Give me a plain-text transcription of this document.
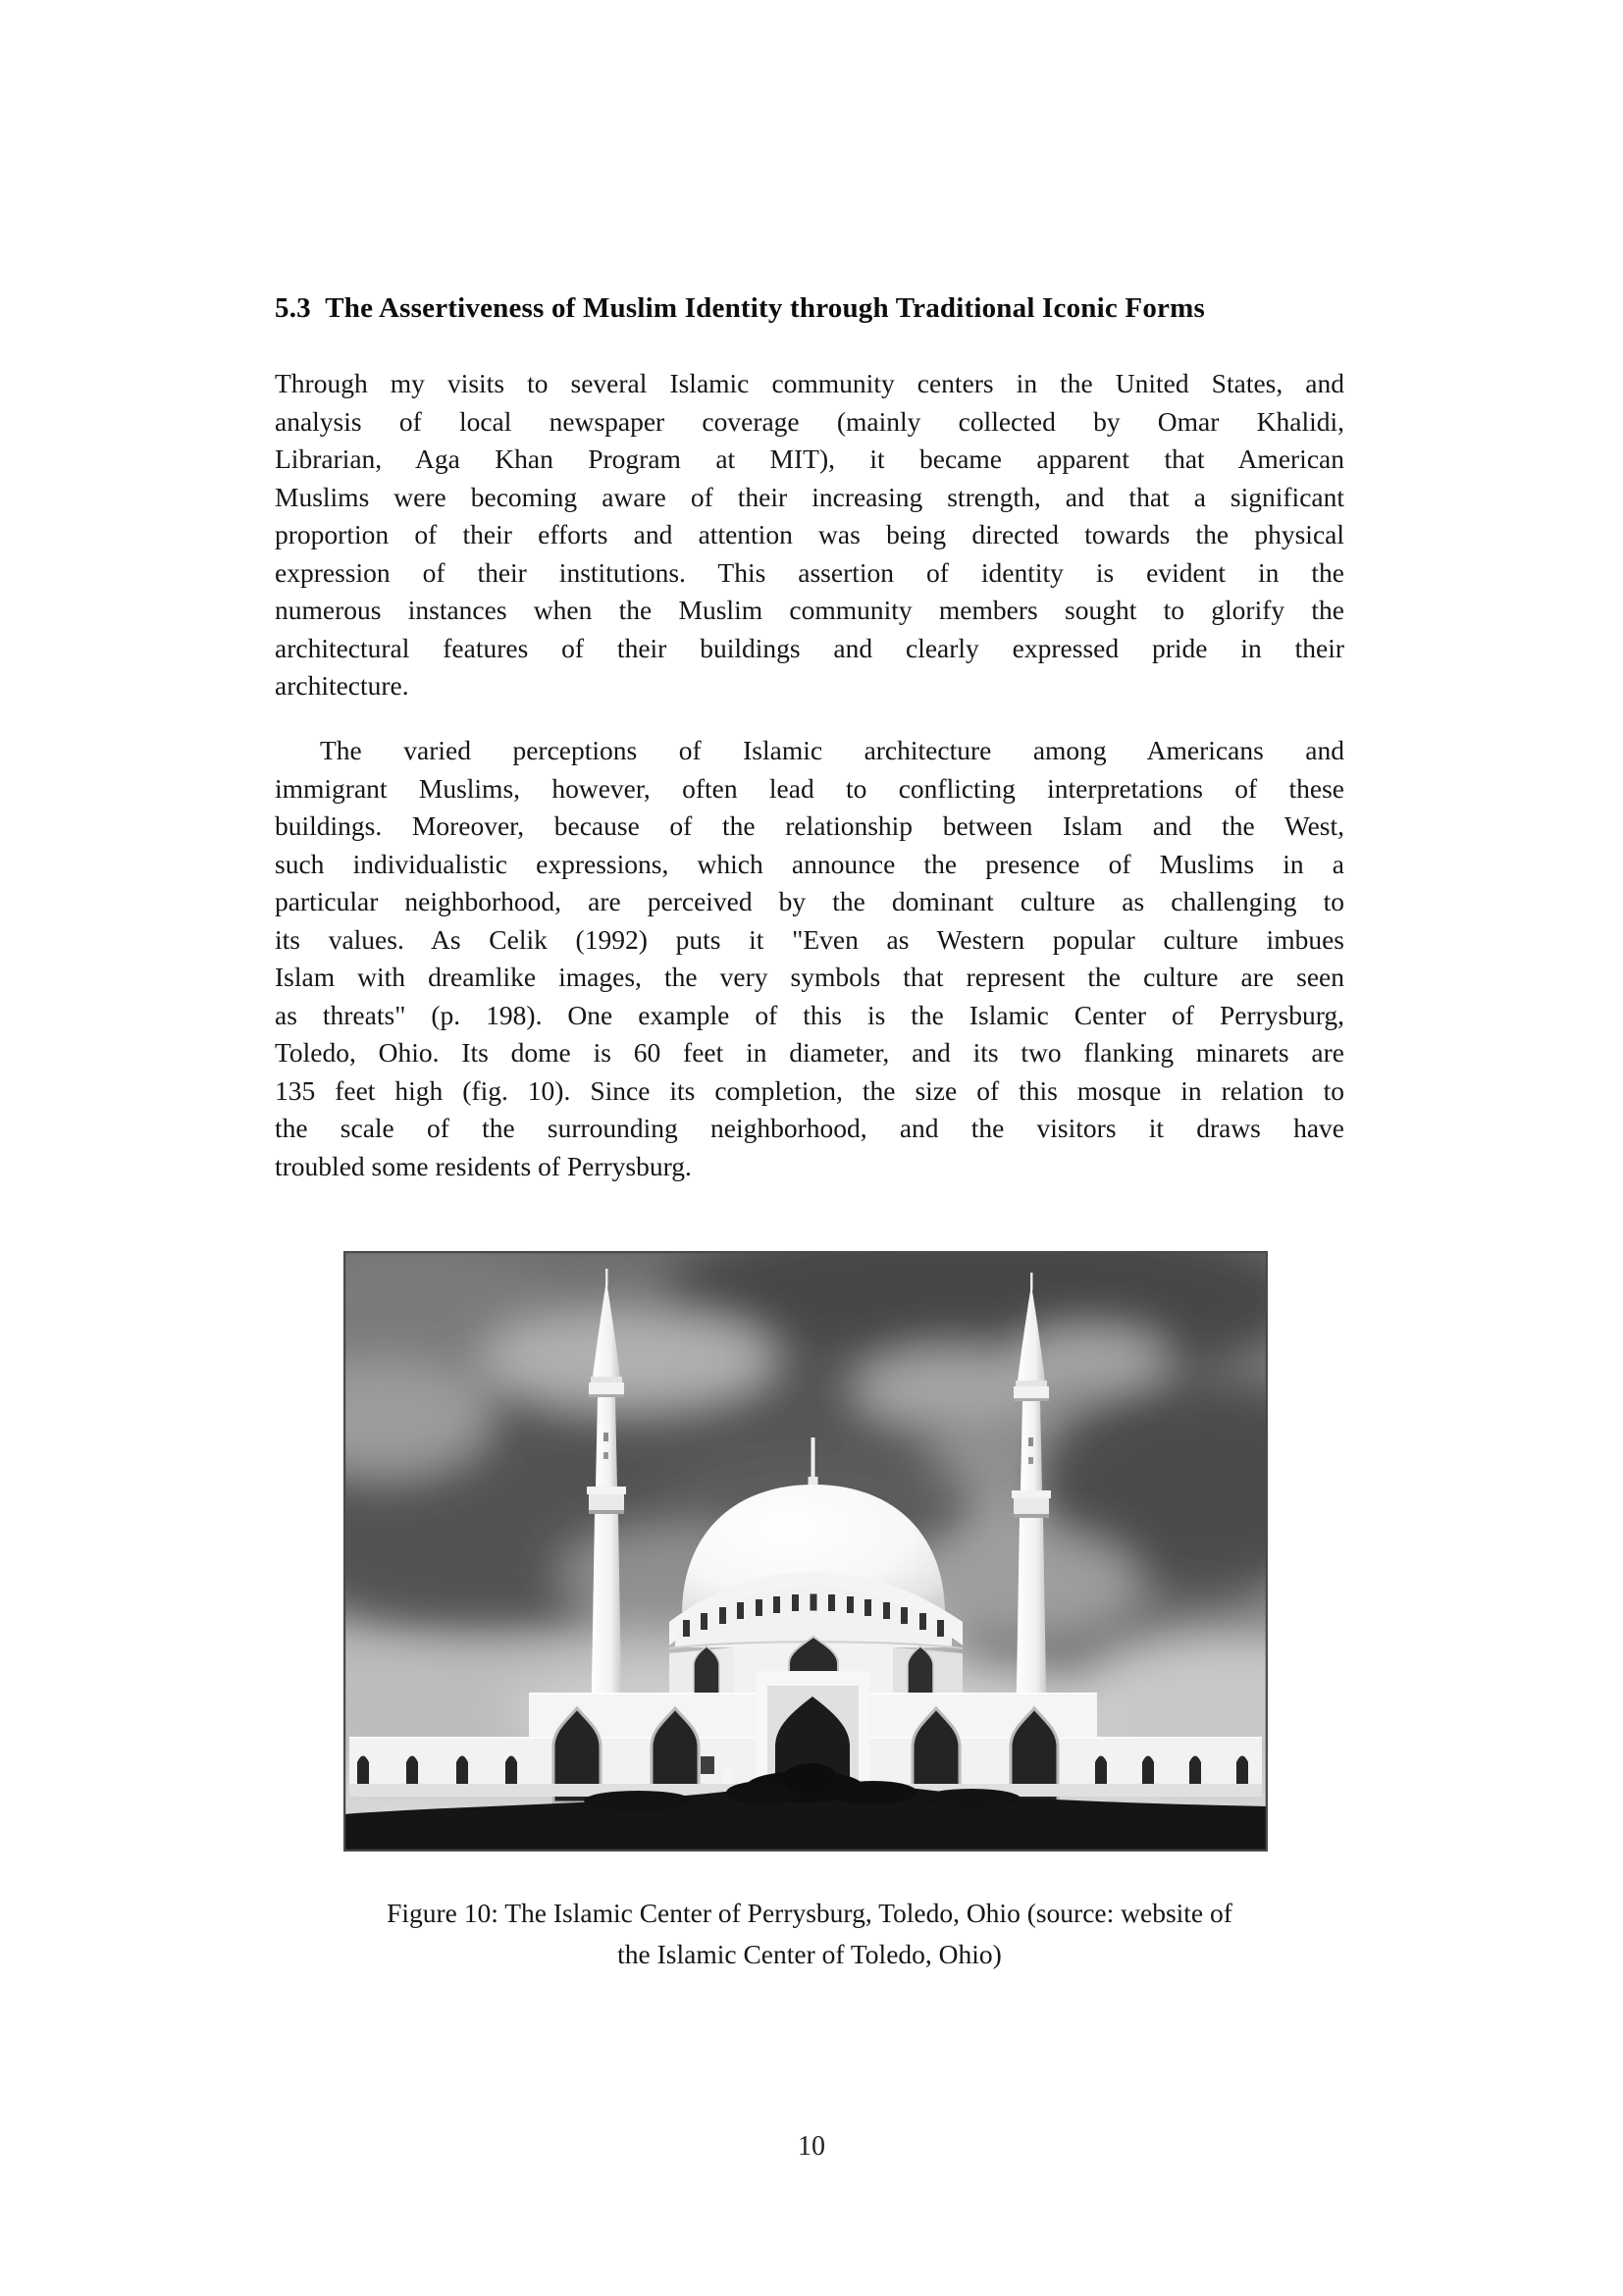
5.3  The Assertiveness of Muslim Identity through Traditional Iconic Forms
Through my visits to several Islamic community centers in the United States, and
analysis of local newspaper coverage (mainly collected by Omar Khalidi,
Librarian, Aga Khan Program at MIT), it became apparent that American
Muslims were becoming aware of their increasing strength, and that a significant
proportion of their efforts and attention was being directed towards the physical
expression of their institutions. This assertion of identity is evident in the
numerous instances when the Muslim community members sought to glorify the
architectural features of their buildings and clearly expressed pride in their
architecture.
The varied perceptions of Islamic architecture among Americans and
immigrant Muslims, however, often lead to conflicting interpretations of these
buildings. Moreover, because of the relationship between Islam and the West,
such individualistic expressions, which announce the presence of Muslims in a
particular neighborhood, are perceived by the dominant culture as challenging to
its values. As Celik (1992) puts it "Even as Western popular culture imbues
Islam with dreamlike images, the very symbols that represent the culture are seen
as threats" (p. 198). One example of this is the Islamic Center of Perrysburg,
Toledo, Ohio. Its dome is 60 feet in diameter, and its two flanking minarets are
135 feet high (fig. 10). Since its completion, the size of this mosque in relation to
the scale of the surrounding neighborhood, and the visitors it draws have
troubled some residents of Perrysburg.
Figure 10: The Islamic Center of Perrysburg, Toledo, Ohio (source: website of
the Islamic Center of Toledo, Ohio)
10
